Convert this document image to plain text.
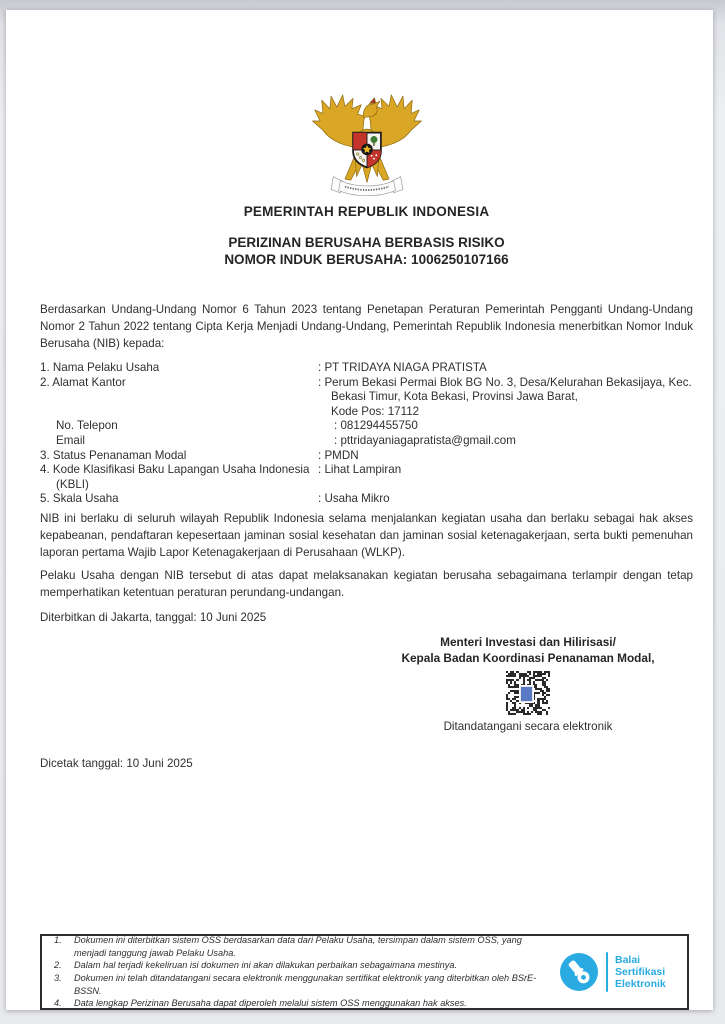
PEMERINTAH REPUBLIK INDONESIA
PERIZINAN BERUSAHA BERBASIS RISIKO
NOMOR INDUK BERUSAHA: 1006250107166
Berdasarkan Undang-Undang Nomor 6 Tahun 2023 tentang Penetapan Peraturan Pemerintah Pengganti Undang-Undang Nomor 2 Tahun 2022 tentang Cipta Kerja Menjadi Undang-Undang, Pemerintah Republik Indonesia menerbitkan Nomor Induk Berusaha (NIB) kepada:
1. Nama Pelaku Usaha	: PT TRIDAYA NIAGA PRATISTA
2. Alamat Kantor	: Perum Bekasi Permai Blok BG No. 3, Desa/Kelurahan Bekasijaya, Kec.
Bekasi Timur, Kota Bekasi, Provinsi Jawa Barat,
Kode Pos: 17112
No. Telepon	: 081294455750
Email	: pttridayaniagapratista@gmail.com
3. Status Penanaman Modal	: PMDN
4. Kode Klasifikasi Baku Lapangan Usaha Indonesia
(KBLI)
: Lihat Lampiran
5. Skala Usaha	: Usaha Mikro
NIB ini berlaku di seluruh wilayah Republik Indonesia selama menjalankan kegiatan usaha dan berlaku sebagai hak akses kepabeanan, pendaftaran kepesertaan jaminan sosial kesehatan dan jaminan sosial ketenagakerjaan, serta bukti pemenuhan laporan pertama Wajib Lapor Ketenagakerjaan di Perusahaan (WLKP).
Pelaku Usaha dengan NIB tersebut di atas dapat melaksanakan kegiatan berusaha sebagaimana terlampir dengan tetap memperhatikan ketentuan peraturan perundang-undangan.
Diterbitkan di Jakarta, tanggal: 10 Juni 2025
Menteri Investasi dan Hilirisasi/
Kepala Badan Koordinasi Penanaman Modal,
Ditandatangani secara elektronik
Dicetak tanggal: 10 Juni 2025
1.	Dokumen ini diterbitkan sistem OSS berdasarkan data dari Pelaku Usaha, tersimpan dalam sistem OSS, yang menjadi tanggung jawab Pelaku Usaha.
2.	Dalam hal terjadi kekeliruan isi dokumen ini akan dilakukan perbaikan sebagaimana mestinya.
3.	Dokumen ini telah ditandatangani secara elektronik menggunakan sertifikat elektronik yang diterbitkan oleh BSrE-BSSN.
4.	Data lengkap Perizinan Berusaha dapat diperoleh melalui sistem OSS menggunakan hak akses.
Balai
Sertifikasi
Elektronik
